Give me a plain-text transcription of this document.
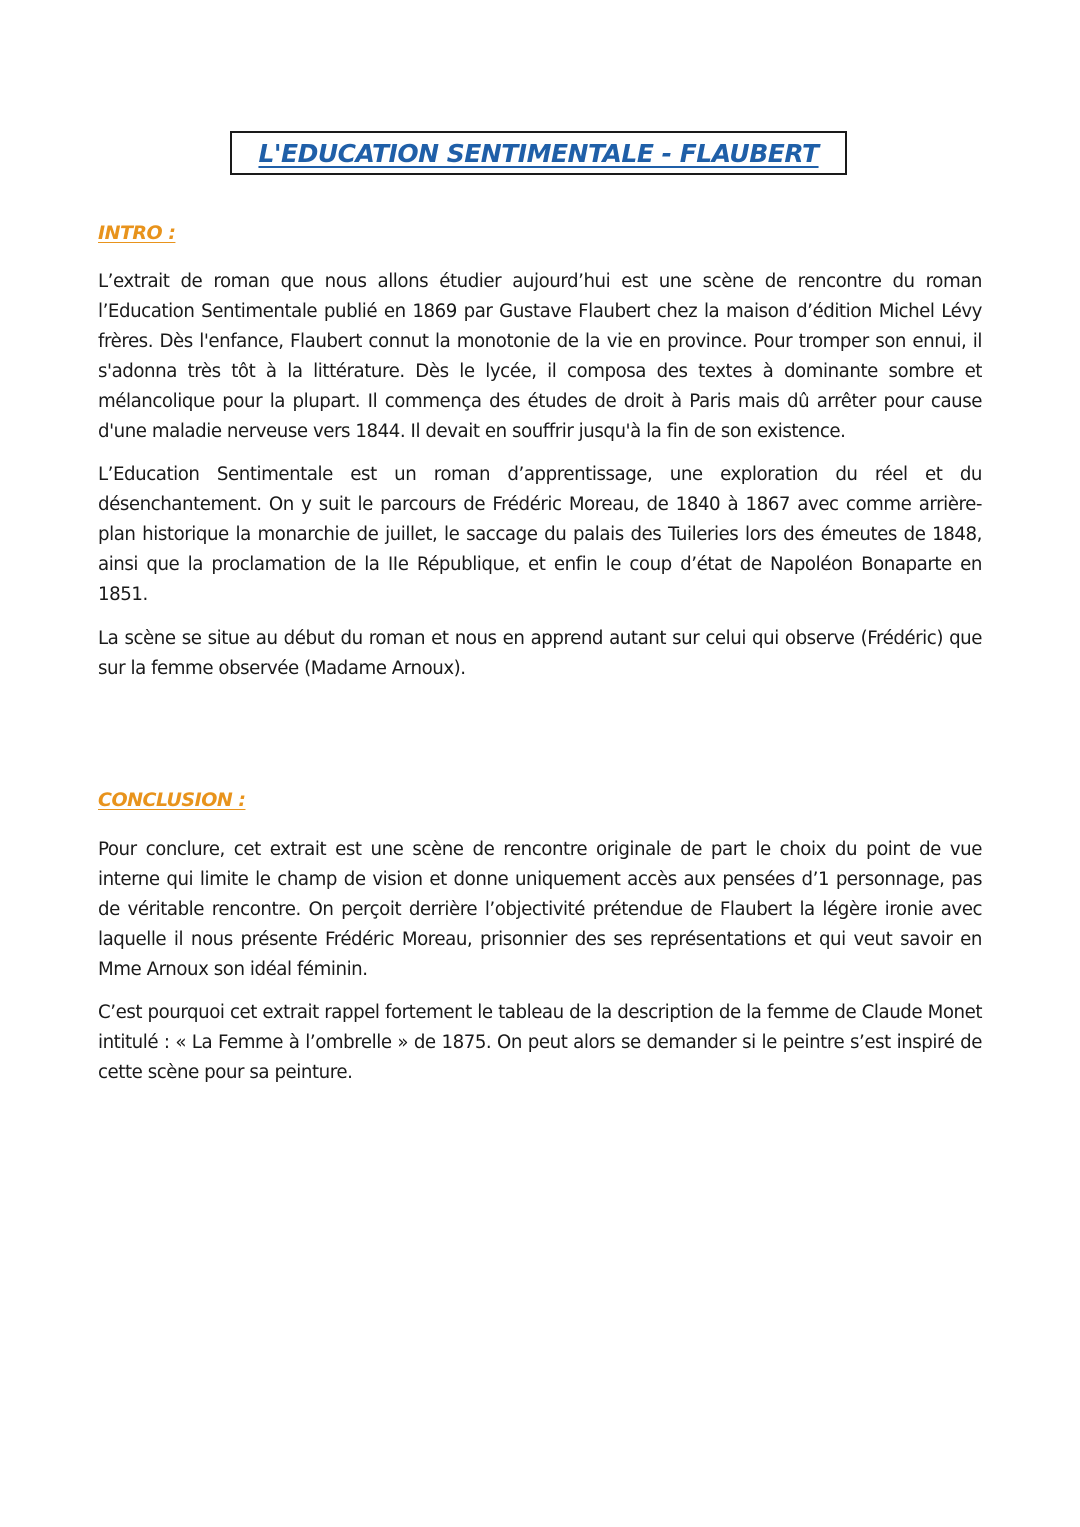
L'EDUCATION SENTIMENTALE - FLAUBERT
INTRO :

L’extrait de roman que nous allons étudier aujourd’hui est une scène de rencontre du roman l’Education Sentimentale publié en 1869 par Gustave Flaubert chez la maison d’édition Michel Lévy frères. Dès l'enfance, Flaubert connut la monotonie de la vie en province. Pour tromper son ennui, il s'adonna très tôt à la littérature. Dès le lycée, il composa des textes à dominante sombre et mélancolique pour la plupart. Il commença des études de droit à Paris mais dû arrêter pour cause d'une maladie nerveuse vers 1844. Il devait en souffrir jusqu'à la fin de son existence.

L’Education Sentimentale est un roman d’apprentissage, une exploration du réel et du désenchantement. On y suit le parcours de Frédéric Moreau, de 1840 à 1867 avec comme arrière-plan historique la monarchie de juillet, le saccage du palais des Tuileries lors des émeutes de 1848, ainsi que la proclamation de la IIe République, et enfin le coup d’état de Napoléon Bonaparte en 1851.

La scène se situe au début du roman et nous en apprend autant sur celui qui observe (Frédéric) que sur la femme observée (Madame Arnoux).

CONCLUSION :

Pour conclure, cet extrait est une scène de rencontre originale de part le choix du point de vue interne qui limite le champ de vision et donne uniquement accès aux pensées d’1 personnage, pas de véritable rencontre. On perçoit derrière l’objectivité prétendue de Flaubert la légère ironie avec laquelle il nous présente Frédéric Moreau, prisonnier des ses représentations et qui veut savoir en Mme Arnoux son idéal féminin.

C’est pourquoi cet extrait rappel fortement le tableau de la description de la femme de Claude Monet intitulé : « La Femme à l’ombrelle » de 1875. On peut alors se demander si le peintre s’est inspiré de cette scène pour sa peinture.
